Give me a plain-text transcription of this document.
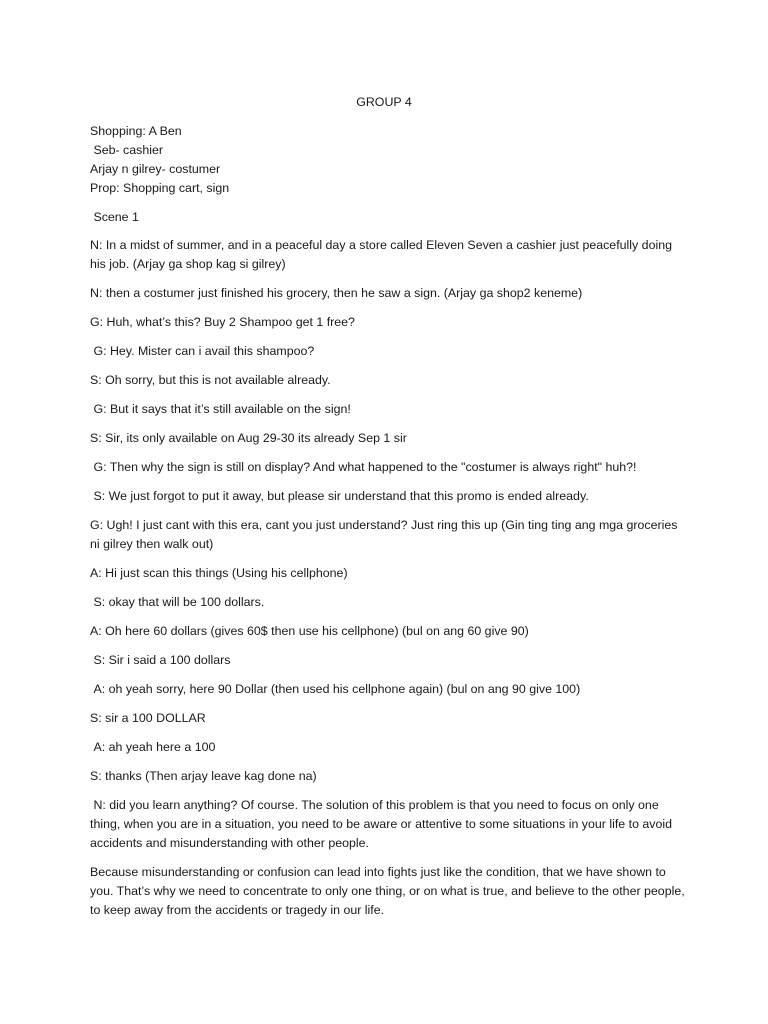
GROUP 4
Shopping: A Ben
Seb- cashier
Arjay n gilrey- costumer
Prop: Shopping cart, sign
Scene 1

N: In a midst of summer, and in a peaceful day a store called Eleven Seven a cashier just peacefully doing his job. (Arjay ga shop kag si gilrey)

N: then a costumer just finished his grocery, then he saw a sign. (Arjay ga shop2 keneme)

G: Huh, what’s this? Buy 2 Shampoo get 1 free?

G: Hey. Mister can i avail this shampoo?

S: Oh sorry, but this is not available already.

G: But it says that it’s still available on the sign!

S: Sir, its only available on Aug 29-30 its already Sep 1 sir

G: Then why the sign is still on display? And what happened to the "costumer is always right" huh?!

S: We just forgot to put it away, but please sir understand that this promo is ended already.

G: Ugh! I just cant with this era, cant you just understand? Just ring this up (Gin ting ting ang mga groceries ni gilrey then walk out)

A: Hi just scan this things (Using his cellphone)

S: okay that will be 100 dollars.

A: Oh here 60 dollars (gives 60$ then use his cellphone) (bul on ang 60 give 90)

S: Sir i said a 100 dollars

A: oh yeah sorry, here 90 Dollar (then used his cellphone again) (bul on ang 90 give 100)

S: sir a 100 DOLLAR

A: ah yeah here a 100

S: thanks (Then arjay leave kag done na)

N: did you learn anything? Of course. The solution of this problem is that you need to focus on only one thing, when you are in a situation, you need to be aware or attentive to some situations in your life to avoid accidents and misunderstanding with other people.

Because misunderstanding or confusion can lead into fights just like the condition, that we have shown to you. That’s why we need to concentrate to only one thing, or on what is true, and believe to the other people, to keep away from the accidents or tragedy in our life.
